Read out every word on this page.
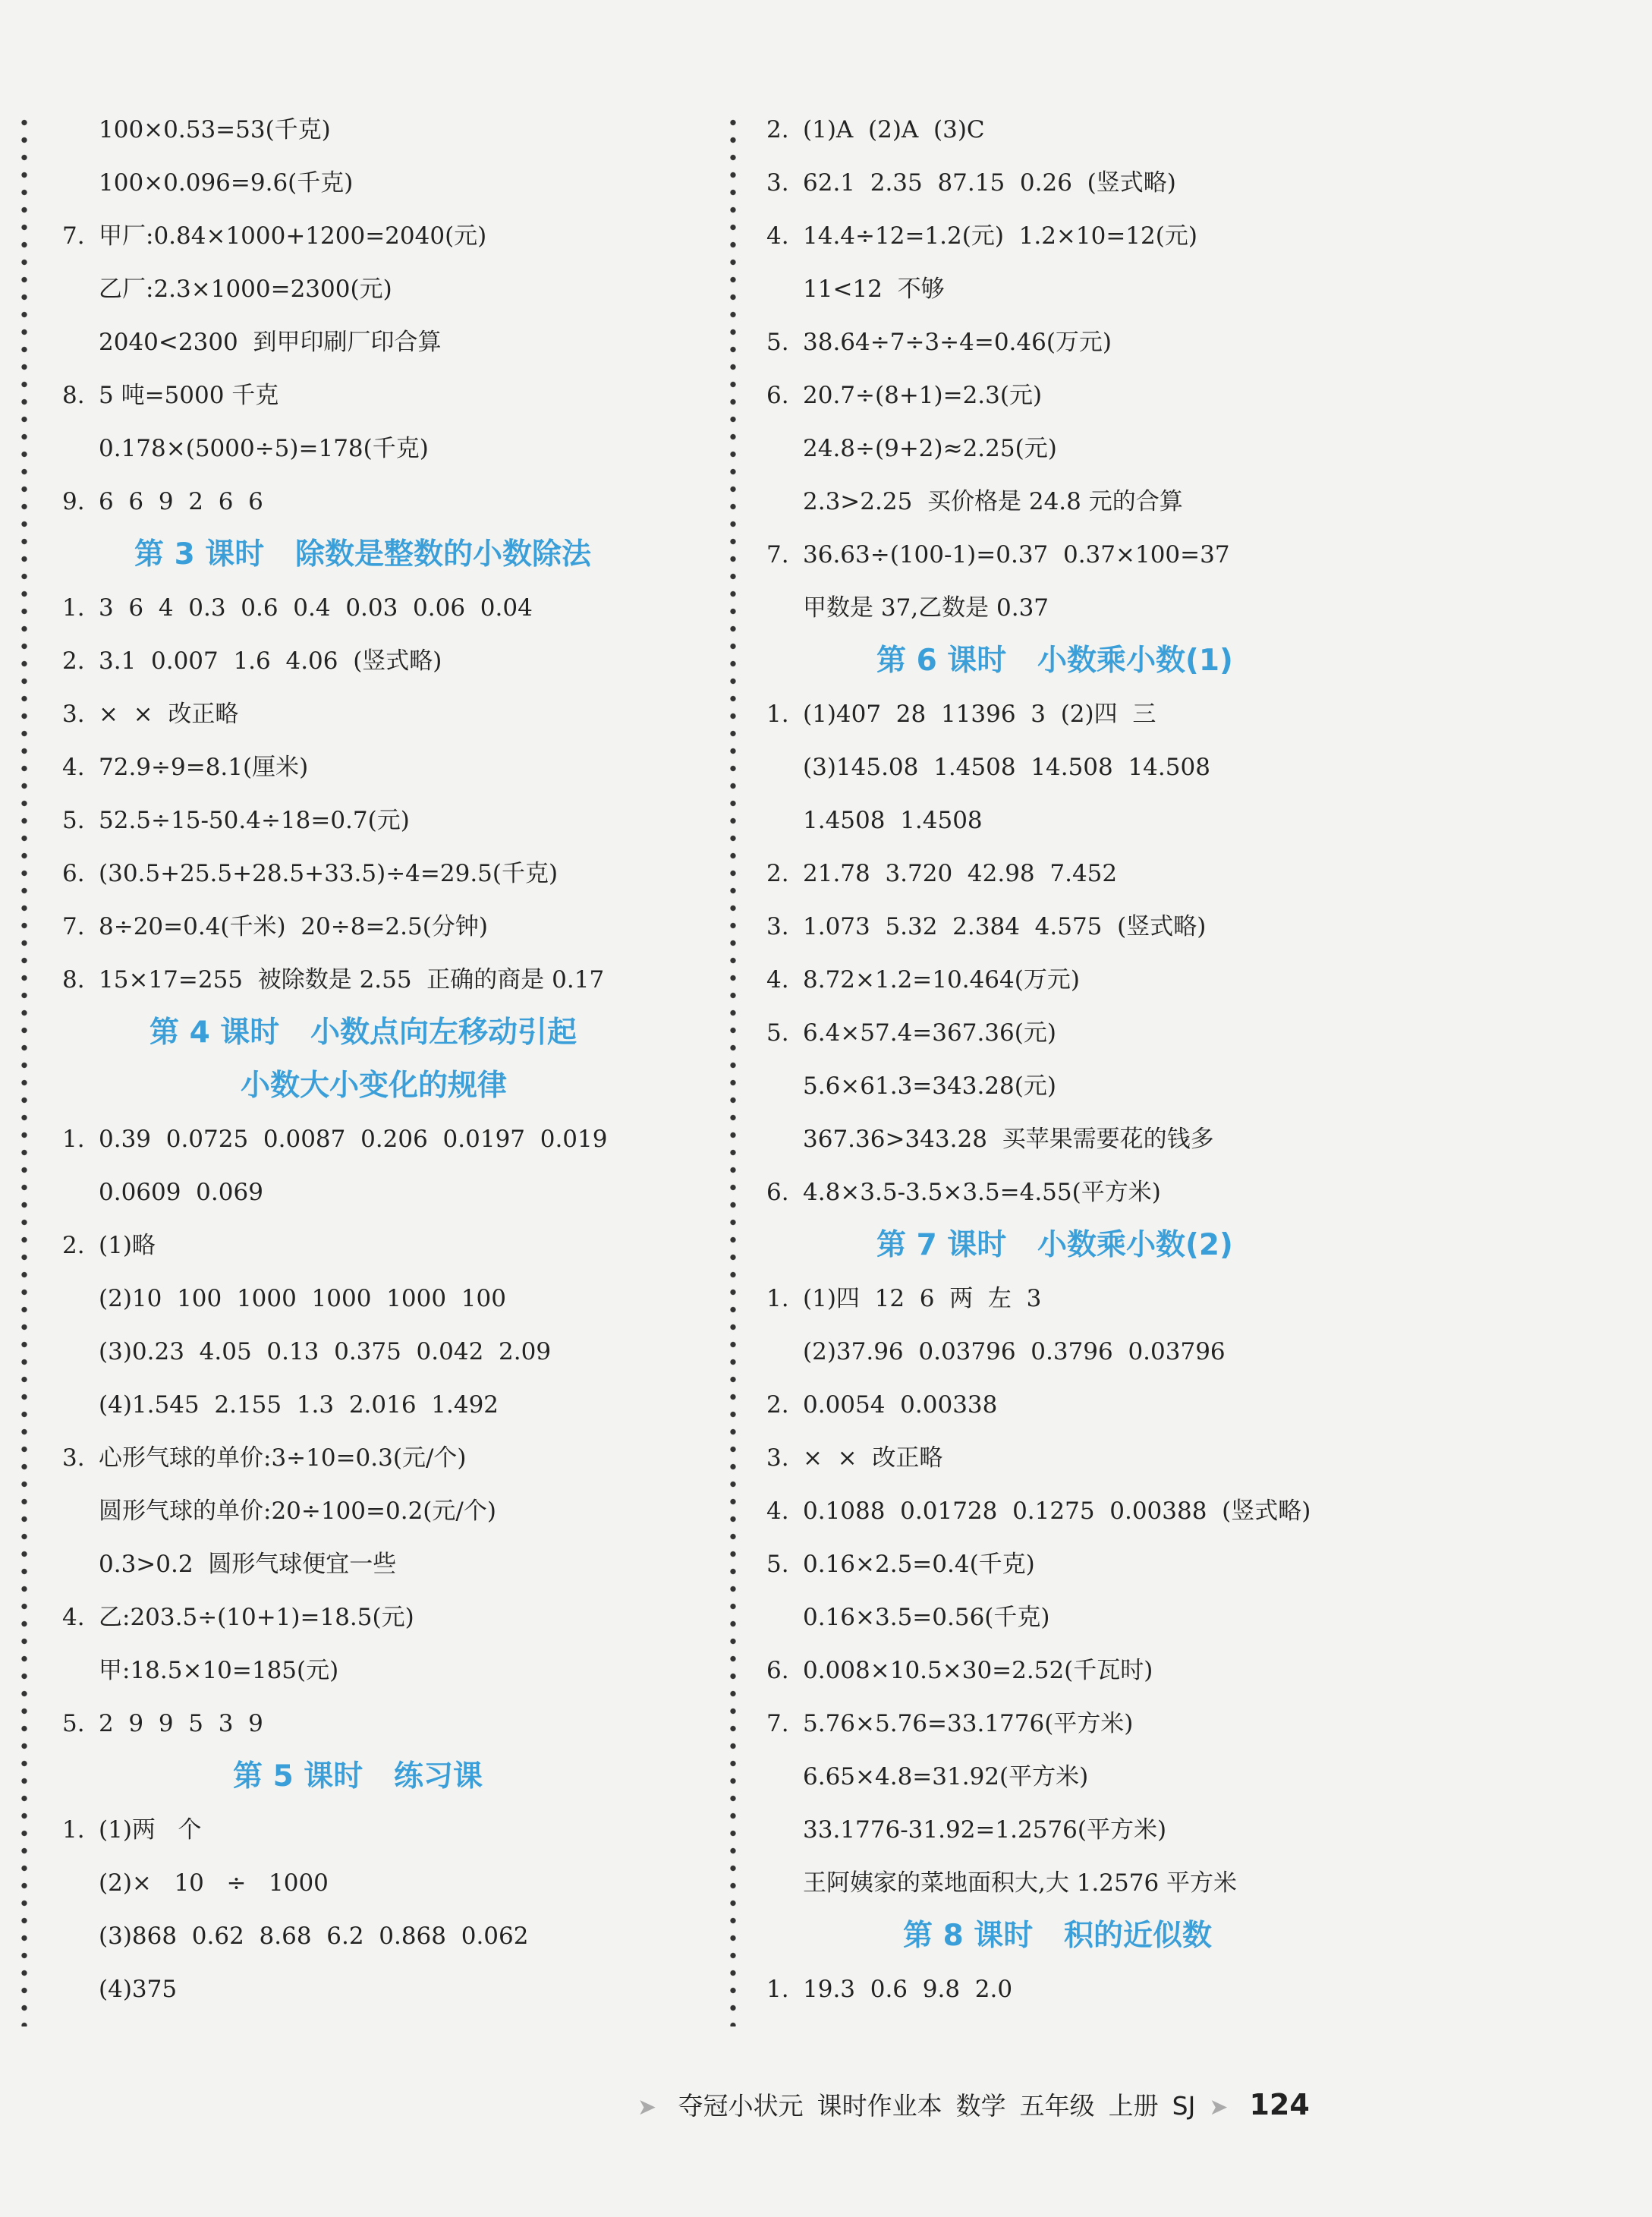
100×0.53=53(千克)
100×0.096=9.6(千克)
7. 甲厂:0.84×1000+1200=2040(元)
乙厂:2.3×1000=2300(元)
2040<2300  到甲印刷厂印合算
8. 5 吨=5000 千克
0.178×(5000÷5)=178(千克)
9. 6  6  9  2  6  6
第 3 课时   除数是整数的小数除法
1. 3  6  4  0.3  0.6  0.4  0.03  0.06  0.04
2. 3.1  0.007  1.6  4.06  (竖式略)
3. ×  ×  改正略
4. 72.9÷9=8.1(厘米)
5. 52.5÷15-50.4÷18=0.7(元)
6. (30.5+25.5+28.5+33.5)÷4=29.5(千克)
7. 8÷20=0.4(千米)  20÷8=2.5(分钟)
8. 15×17=255  被除数是 2.55  正确的商是 0.17
第 4 课时   小数点向左移动引起
小数大小变化的规律
1. 0.39  0.0725  0.0087  0.206  0.0197  0.019
0.0609  0.069
2. (1)略
(2)10  100  1000  1000  1000  100
(3)0.23  4.05  0.13  0.375  0.042  2.09
(4)1.545  2.155  1.3  2.016  1.492
3. 心形气球的单价:3÷10=0.3(元/个)
圆形气球的单价:20÷100=0.2(元/个)
0.3>0.2  圆形气球便宜一些
4. 乙:203.5÷(10+1)=18.5(元)
甲:18.5×10=185(元)
5. 2  9  9  5  3  9
第 5 课时   练习课
1. (1)两   个
(2)×   10   ÷   1000
(3)868  0.62  8.68  6.2  0.868  0.062
(4)375
2. (1)A  (2)A  (3)C
3. 62.1  2.35  87.15  0.26  (竖式略)
4. 14.4÷12=1.2(元)  1.2×10=12(元)
11<12  不够
5. 38.64÷7÷3÷4=0.46(万元)
6. 20.7÷(8+1)=2.3(元)
24.8÷(9+2)≈2.25(元)
2.3>2.25  买价格是 24.8 元的合算
7. 36.63÷(100-1)=0.37  0.37×100=37
甲数是 37,乙数是 0.37
第 6 课时   小数乘小数(1)
1. (1)407  28  11396  3  (2)四  三
(3)145.08  1.4508  14.508  14.508
1.4508  1.4508
2. 21.78  3.720  42.98  7.452
3. 1.073  5.32  2.384  4.575  (竖式略)
4. 8.72×1.2=10.464(万元)
5. 6.4×57.4=367.36(元)
5.6×61.3=343.28(元)
367.36>343.28  买苹果需要花的钱多
6. 4.8×3.5-3.5×3.5=4.55(平方米)
第 7 课时   小数乘小数(2)
1. (1)四  12  6  两  左  3
(2)37.96  0.03796  0.3796  0.03796
2. 0.0054  0.00338
3. ×  ×  改正略
4. 0.1088  0.01728  0.1275  0.00388  (竖式略)
5. 0.16×2.5=0.4(千克)
0.16×3.5=0.56(千克)
6. 0.008×10.5×30=2.52(千瓦时)
7. 5.76×5.76=33.1776(平方米)
6.65×4.8=31.92(平方米)
33.1776-31.92=1.2576(平方米)
王阿姨家的菜地面积大,大 1.2576 平方米
第 8 课时   积的近似数
1. 19.3  0.6  9.8  2.0
➤ 夺冠小状元 课时作业本 数学 五年级 上册 SJ ➤ 124
